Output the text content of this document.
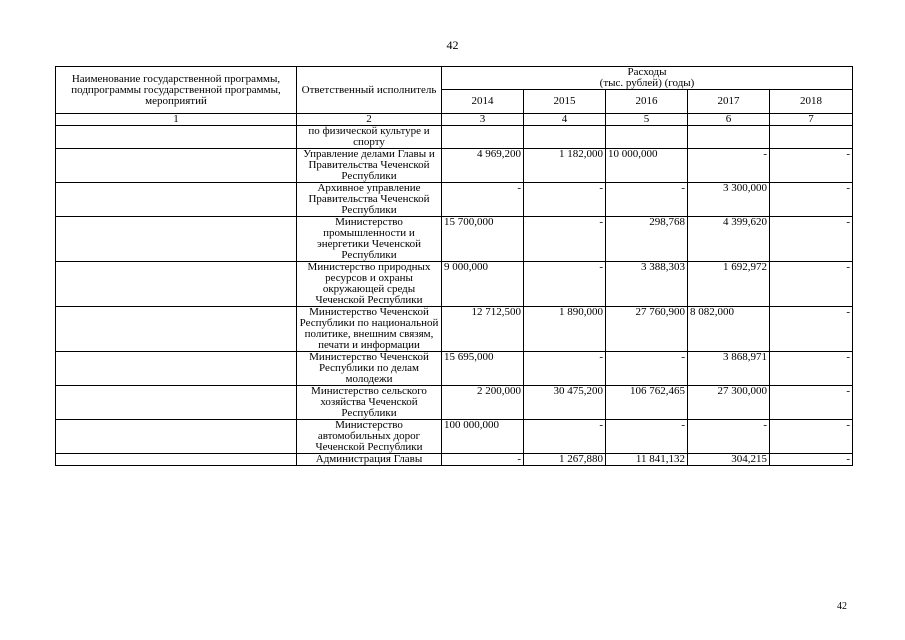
42
Наименование государственной программы, подпрограммы государственной программы, мероприятий	Ответственный исполнитель	Расходы
(тыс. рублей) (годы)				

		2014	2015	2016	2017	2018
1	2	3	4	5	6	7
	по физической культуре и спорту					
	Управление делами Главы и Правительства Чеченской Республики	4 969,200	1 182,000	10 000,000	-	-
	Архивное управление Правительства Чеченской Республики	-	-	-	3 300,000	-
	Министерство промышленности и энергетики Чеченской Республики	15 700,000	-	298,768	4 399,620	-
	Министерство природных ресурсов и охраны окружающей среды Чеченской Республики	9 000,000	-	3 388,303	1 692,972	-
	Министерство Чеченской Республики по национальной политике, внешним связям, печати и информации	12 712,500	1 890,000	27 760,900	8 082,000	-
	Министерство Чеченской Республики по делам молодежи	15 695,000	-	-	3 868,971	-
	Министерство сельского хозяйства Чеченской Республики	2 200,000	30 475,200	106 762,465	27 300,000	-
	Министерство автомобильных дорог Чеченской Республики	100 000,000	-	-	-	-
	Администрация Главы	-	1 267,880	11 841,132	304,215	-
42
